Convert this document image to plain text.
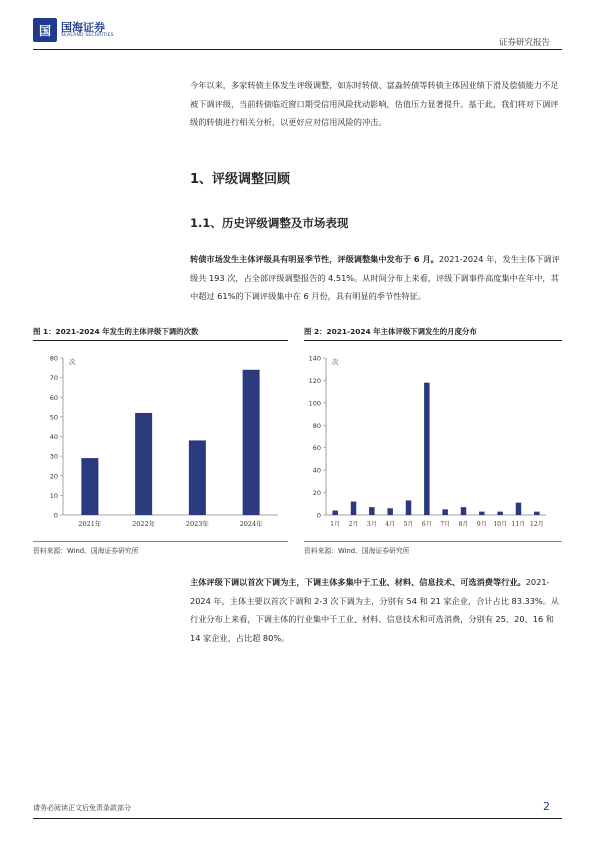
国 国海证券
SEALAND SECURITIES
证券研究报告

今年以来，多家转债主体发生评级调整，如东时转债、富淼转债等转债主体因业绩下滑及偿债能力不足被下调评级，当前转债临近窗口期受信用风险扰动影响，估值压力显著提升。基于此，我们将对下调评级的转债进行相关分析，以更好应对信用风险的冲击。

1、评级调整回顾
1.1、历史评级调整及市场表现

转债市场发生主体评级具有明显季节性，评级调整集中发布于 6 月。2021-2024 年，发生主体下调评级共 193 次，占全部评级调整报告的 4.51%。从时间分布上来看，评级下调事件高度集中在年中，其中超过 61%的下调评级集中在 6 月份，具有明显的季节性特征。

图 1：2021-2024 年发生的主体评级下调的次数
0
10
20
30
40
50
60
70
80 次
2021年	2022年	2023年	2024年
资料来源：Wind、国海证券研究所
图 2：2021-2024 年主体评级下调发生的月度分布
0
20
40
60
80
100
120
140 次
1月 2月 3月 4月 5月 6月 7月 8月 9月 10月 11月 12月
资料来源：Wind、国海证券研究所

主体评级下调以首次下调为主，下调主体多集中于工业、材料、信息技术、可选消费等行业。2021-2024 年，主体主要以首次下调和 2-3 次下调为主，分别有 54 和 21 家企业，合计占比 83.33%。从行业分布上来看，下调主体的行业集中于工业、材料、信息技术和可选消费，分别有 25、20、16 和 14 家企业，占比超 80%。

请务必阅读正文后免责条款部分	2
